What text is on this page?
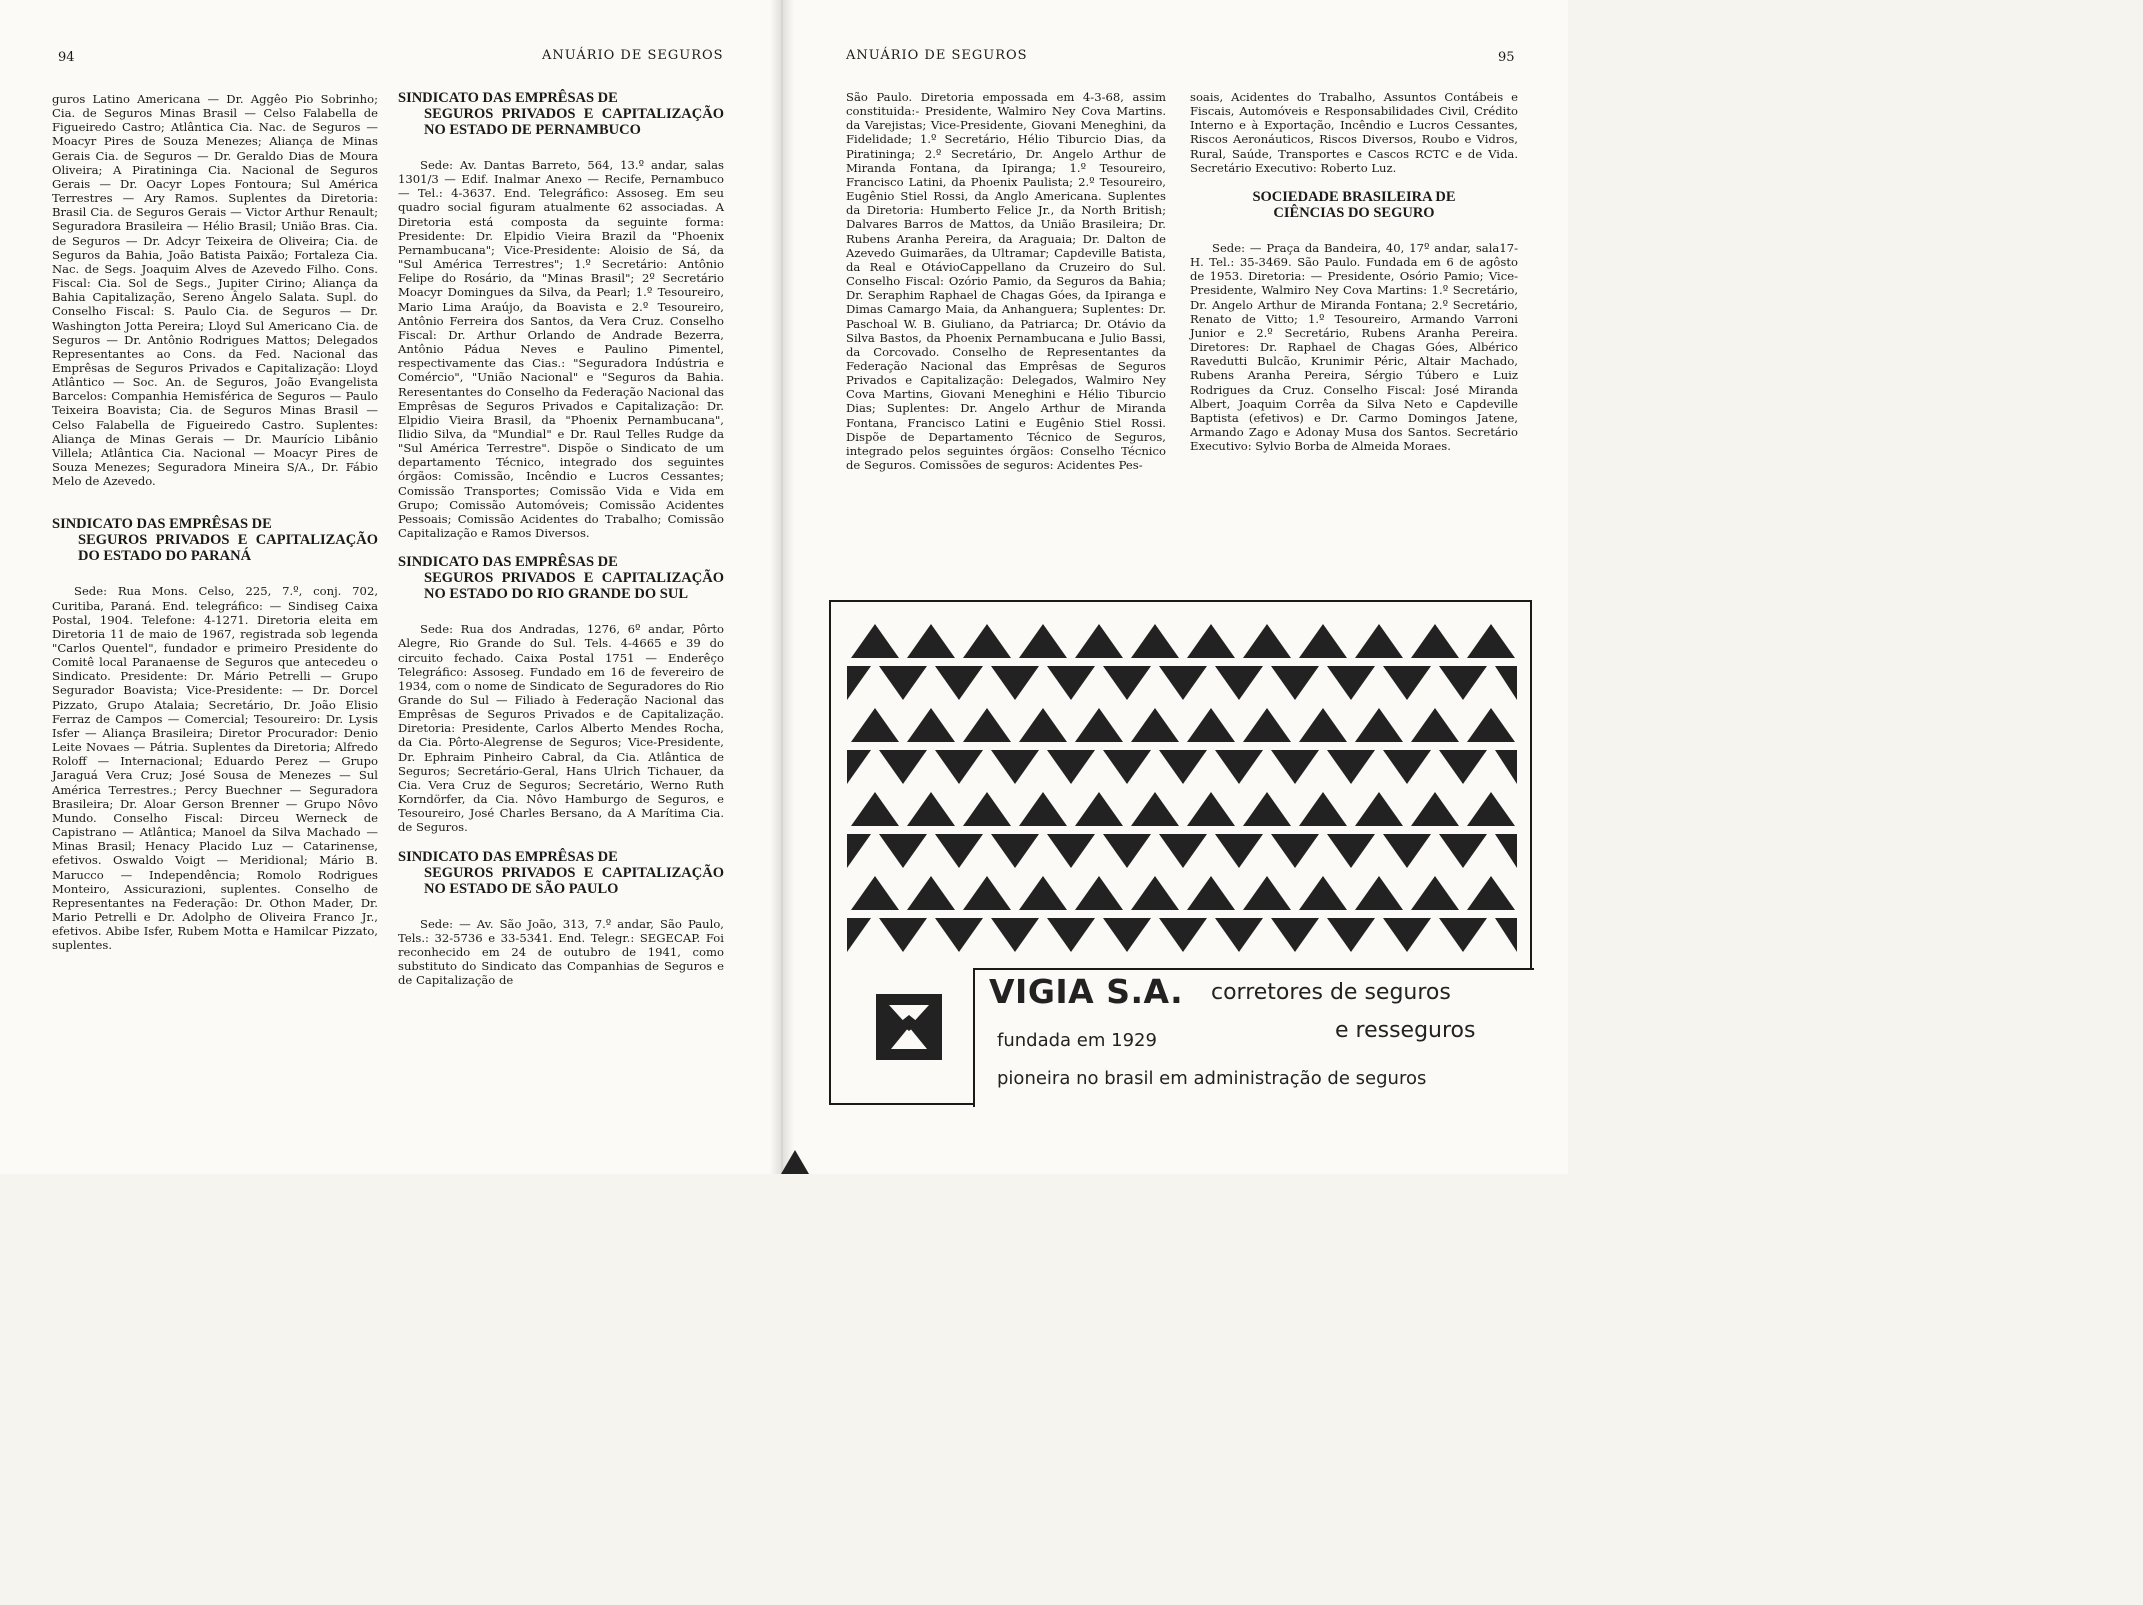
94	ANUÁRIO DE SEGUROS

guros Latino Americana — Dr. Aggêo Pio Sobrinho; Cia. de Seguros Minas Brasil — Celso Falabella de Figueiredo Castro; Atlântica Cia. Nac. de Seguros — Moacyr Pires de Souza Menezes; Aliança de Minas Gerais Cia. de Seguros — Dr. Geraldo Dias de Moura Oliveira; A Piratininga Cia. Nacional de Seguros Gerais — Dr. Oacyr Lopes Fontoura; Sul América Terrestres — Ary Ramos. Suplentes da Diretoria: Brasil Cia. de Seguros Gerais — Victor Arthur Renault; Seguradora Brasileira — Hélio Brasil; União Bras. Cia. de Seguros — Dr. Adcyr Teixeira de Oliveira; Cia. de Seguros da Bahia, João Batista Paixão; Fortaleza Cia. Nac. de Segs. Joaquim Alves de Azevedo Filho. Cons. Fiscal: Cia. Sol de Segs., Jupiter Cirino; Aliança da Bahia Capitalização, Sereno Ângelo Salata. Supl. do Conselho Fiscal: S. Paulo Cia. de Seguros — Dr. Washington Jotta Pereira; Lloyd Sul Americano Cia. de Seguros — Dr. Antônio Rodrigues Mattos; Delegados Representantes ao Cons. da Fed. Nacional das Emprêsas de Seguros Privados e Capitalização: Lloyd Atlântico — Soc. An. de Seguros, João Evangelista Barcelos: Companhia Hemisférica de Seguros — Paulo Teixeira Boavista; Cia. de Seguros Minas Brasil — Celso Falabella de Figueiredo Castro. Suplentes: Aliança de Minas Gerais — Dr. Maurício Libânio Villela; Atlântica Cia. Nacional — Moacyr Pires de Souza Menezes; Seguradora Mineira S/A., Dr. Fábio Melo de Azevedo.

SINDICATO DAS EMPRÊSAS DE
SEGUROS PRIVADOS E CAPITALIZAÇÃO DO ESTADO DO PARANÁ

Sede: Rua Mons. Celso, 225, 7.º, conj. 702, Curitiba, Paraná. End. telegráfico: — Sindiseg Caixa Postal, 1904. Telefone: 4-1271. Diretoria eleita em Diretoria 11 de maio de 1967, registrada sob legenda "Carlos Quentel", fundador e primeiro Presidente do Comitê local Paranaense de Seguros que antecedeu o Sindicato. Presidente: Dr. Mário Petrelli — Grupo Segurador Boavista; Vice-Presidente: — Dr. Dorcel Pizzato, Grupo Atalaia; Secretário, Dr. João Elisio Ferraz de Campos — Comercial; Tesoureiro: Dr. Lysis Isfer — Aliança Brasileira; Diretor Procurador: Denio Leite Novaes — Pátria. Suplentes da Diretoria; Alfredo Roloff — Internacional; Eduardo Perez — Grupo Jaraguá Vera Cruz; José Sousa de Menezes — Sul América Terrestres.; Percy Buechner — Seguradora Brasileira; Dr. Aloar Gerson Brenner — Grupo Nôvo Mundo. Conselho Fiscal: Dirceu Werneck de Capistrano — Atlântica; Manoel da Silva Machado — Minas Brasil; Henacy Placido Luz — Catarinense, efetivos. Oswaldo Voigt — Meridional; Mário B. Marucco — Independência; Romolo Rodrigues Monteiro, Assicurazioni, suplentes. Conselho de Representantes na Federação: Dr. Othon Mader, Dr. Mario Petrelli e Dr. Adolpho de Oliveira Franco Jr., efetivos. Abibe Isfer, Rubem Motta e Hamilcar Pizzato, suplentes.

SINDICATO DAS EMPRÊSAS DE
SEGUROS PRIVADOS E CAPITALIZAÇÃO NO ESTADO DE PERNAMBUCO

Sede: Av. Dantas Barreto, 564, 13.º andar, salas 1301/3 — Edif. Inalmar Anexo — Recife, Pernambuco — Tel.: 4-3637. End. Telegráfico: Assoseg. Em seu quadro social figuram atualmente 62 associadas. A Diretoria está composta da seguinte forma: Presidente: Dr. Elpidio Vieira Brazil da "Phoenix Pernambucana"; Vice-Presidente: Aloisio de Sá, da "Sul América Terrestres"; 1.º Secretário: Antônio Felipe do Rosário, da "Minas Brasil"; 2º Secretário Moacyr Domingues da Silva, da Pearl; 1.º Tesoureiro, Mario Lima Araújo, da Boavista e 2.º Tesoureiro, Antônio Ferreira dos Santos, da Vera Cruz. Conselho Fiscal: Dr. Arthur Orlando de Andrade Bezerra, Antônio Pádua Neves e Paulino Pimentel, respectivamente das Cias.: "Seguradora Indústria e Comércio", "União Nacional" e "Seguros da Bahia. Reresentantes do Conselho da Federação Nacional das Emprêsas de Seguros Privados e Capitalização: Dr. Elpidio Vieira Brasil, da "Phoenix Pernambucana", Ilidio Silva, da "Mundial" e Dr. Raul Telles Rudge da "Sul América Terrestre". Dispõe o Sindicato de um departamento Técnico, integrado dos seguintes órgãos: Comissão, Incêndio e Lucros Cessantes; Comissão Transportes; Comissão Vida e Vida em Grupo; Comissão Automóveis; Comissão Acidentes Pessoais; Comissão Acidentes do Trabalho; Comissão Capitalização e Ramos Diversos.

SINDICATO DAS EMPRÊSAS DE
SEGUROS PRIVADOS E CAPITALIZAÇÃO NO ESTADO DO RIO GRANDE DO SUL

Sede: Rua dos Andradas, 1276, 6º andar, Pôrto Alegre, Rio Grande do Sul. Tels. 4-4665 e 39 do circuito fechado. Caixa Postal 1751 — Enderêço Telegráfico: Assoseg. Fundado em 16 de fevereiro de 1934, com o nome de Sindicato de Seguradores do Rio Grande do Sul — Filiado à Federação Nacional das Emprêsas de Seguros Privados e de Capitalização. Diretoria: Presidente, Carlos Alberto Mendes Rocha, da Cia. Pôrto-Alegrense de Seguros; Vice-Presidente, Dr. Ephraim Pinheiro Cabral, da Cia. Atlântica de Seguros; Secretário-Geral, Hans Ulrich Tichauer, da Cia. Vera Cruz de Seguros; Secretário, Werno Ruth Korndörfer, da Cia. Nôvo Hamburgo de Seguros, e Tesoureiro, José Charles Bersano, da A Marítima Cia. de Seguros.

SINDICATO DAS EMPRÊSAS DE
SEGUROS PRIVADOS E CAPITALIZAÇÃO NO ESTADO DE SÃO PAULO

Sede: — Av. São João, 313, 7.º andar, São Paulo, Tels.: 32-5736 e 33-5341. End. Telegr.: SEGECAP. Foi reconhecido em 24 de outubro de 1941, como substituto do Sindicato das Companhias de Seguros e de Capitalização de

ANUÁRIO DE SEGUROS	95

São Paulo. Diretoria empossada em 4-3-68, assim constituida:- Presidente, Walmiro Ney Cova Martins. da Varejistas; Vice-Presidente, Giovani Meneghini, da Fidelidade; 1.º Secretário, Hélio Tiburcio Dias, da Piratininga; 2.º Secretário, Dr. Angelo Arthur de Miranda Fontana, da Ipiranga; 1.º Tesoureiro, Francisco Latini, da Phoenix Paulista; 2.º Tesoureiro, Eugênio Stiel Rossi, da Anglo Americana. Suplentes da Diretoria: Humberto Felice Jr., da North British; Dalvares Barros de Mattos, da União Brasileira; Dr. Rubens Aranha Pereira, da Araguaia; Dr. Dalton de Azevedo Guimarães, da Ultramar; Capdeville Batista, da Real e OtávioCappellano da Cruzeiro do Sul. Conselho Fiscal: Ozório Pamio, da Seguros da Bahia; Dr. Seraphim Raphael de Chagas Góes, da Ipiranga e Dimas Camargo Maia, da Anhanguera; Suplentes: Dr. Paschoal W. B. Giuliano, da Patriarca; Dr. Otávio da Silva Bastos, da Phoenix Pernambucana e Julio Bassi, da Corcovado. Conselho de Representantes da Federação Nacional das Emprêsas de Seguros Privados e Capitalização: Delegados, Walmiro Ney Cova Martins, Giovani Meneghini e Hélio Tiburcio Dias; Suplentes: Dr. Angelo Arthur de Miranda Fontana, Francisco Latini e Eugênio Stiel Rossi. Dispõe de Departamento Técnico de Seguros, integrado pelos seguintes órgãos: Conselho Técnico de Seguros. Comissões de seguros: Acidentes Pes-

soais, Acidentes do Trabalho, Assuntos Contábeis e Fiscais, Automóveis e Responsabilidades Civil, Crédito Interno e à Exportação, Incêndio e Lucros Cessantes, Riscos Aeronáuticos, Riscos Diversos, Roubo e Vidros, Rural, Saúde, Transportes e Cascos RCTC e de Vida. Secretário Executivo: Roberto Luz.

SOCIEDADE BRASILEIRA DE
CIÊNCIAS DO SEGURO

Sede: — Praça da Bandeira, 40, 17º andar, sala17-H. Tel.: 35-3469. São Paulo. Fundada em 6 de agôsto de 1953. Diretoria: — Presidente, Osório Pamio; Vice-Presidente, Walmiro Ney Cova Martins: 1.º Secretário, Dr. Angelo Arthur de Miranda Fontana; 2.º Secretário, Renato de Vitto; 1.º Tesoureiro, Armando Varroni Junior e 2.º Secretário, Rubens Aranha Pereira. Diretores: Dr. Raphael de Chagas Góes, Albérico Ravedutti Bulcão, Krunimir Péric, Altair Machado, Rubens Aranha Pereira, Sérgio Túbero e Luiz Rodrigues da Cruz. Conselho Fiscal: José Miranda Albert, Joaquim Corrêa da Silva Neto e Capdeville Baptista (efetivos) e Dr. Carmo Domingos Jatene, Armando Zago e Adonay Musa dos Santos. Secretário Executivo: Sylvio Borba de Almeida Moraes.

VIGIA S.A. corretores de seguros
e resseguros
fundada em 1929
pioneira no brasil em administração de seguros
